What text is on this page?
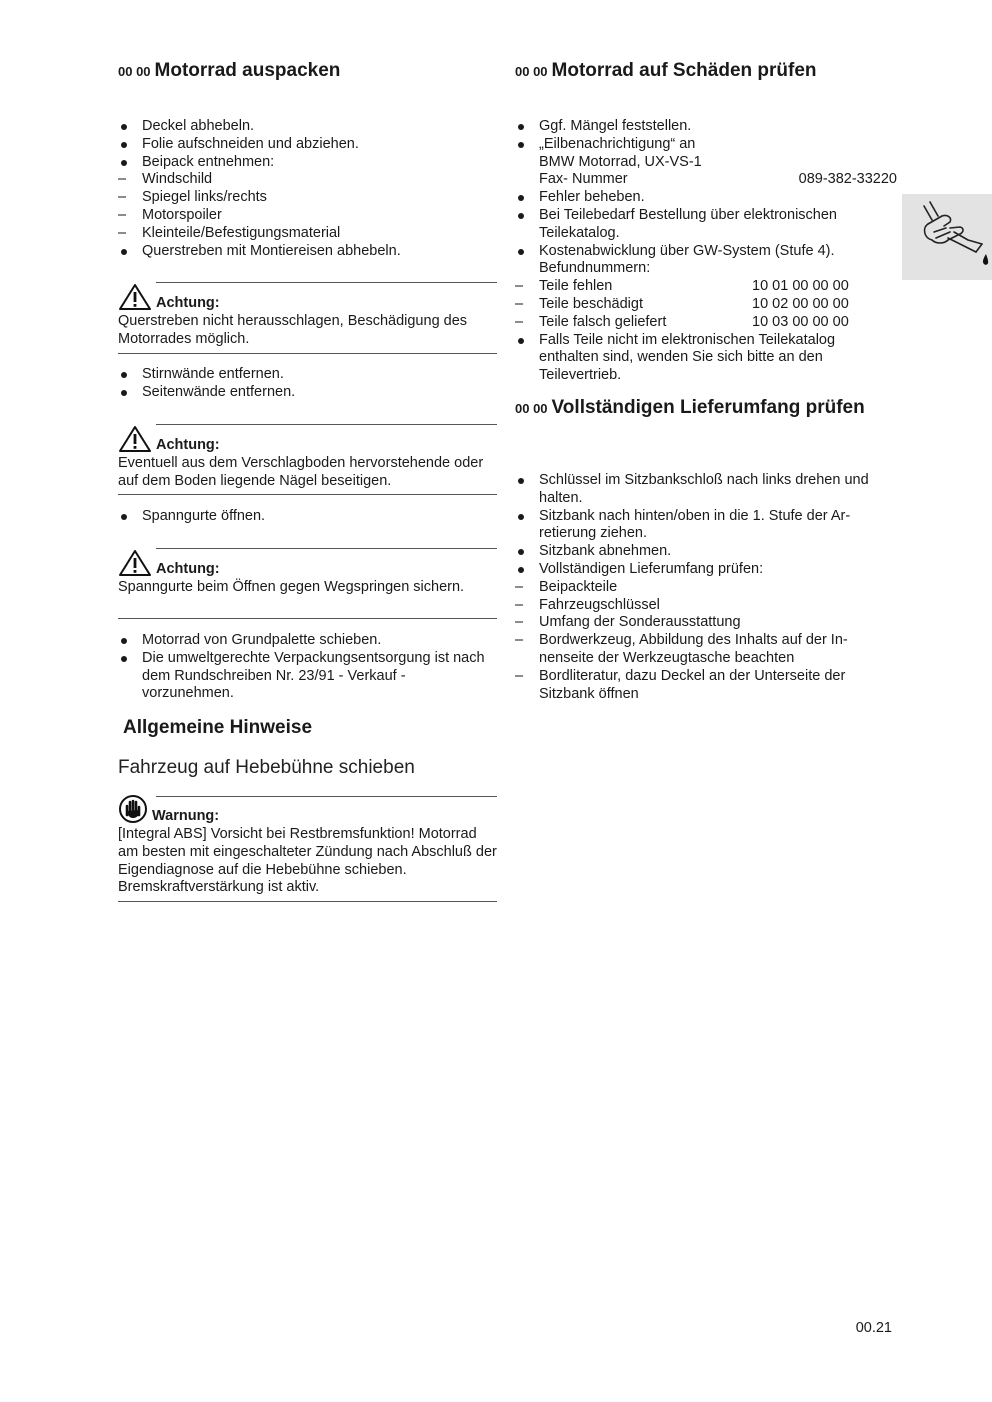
00 00 Motorrad auspacken
Deckel abhebeln.
Folie aufschneiden und abziehen.
Beipack entnehmen:
Windschild
Spiegel links/rechts
Motorspoiler
Kleinteile/Befestigungsmaterial
Querstreben mit Montiereisen abhebeln.
Achtung:
Querstreben nicht herausschlagen, Beschädigung des Motorrades möglich.
Stirnwände entfernen.
Seitenwände entfernen.
Achtung:
Eventuell aus dem Verschlagboden hervorstehende oder auf dem Boden liegende Nägel beseitigen.
Spanngurte öffnen.
Achtung:
Spanngurte beim Öffnen gegen Wegspringen sichern.
Motorrad von Grundpalette schieben.
Die umweltgerechte Verpackungsentsorgung ist nach dem Rundschreiben Nr. 23/91 - Verkauf - vorzunehmen.
Allgemeine Hinweise
Fahrzeug auf Hebebühne schieben
Warnung:
[Integral ABS] Vorsicht bei Restbremsfunktion! Motorrad am besten mit eingeschalteter Zündung nach Abschluß der Eigendiagnose auf die Hebebühne schieben. Bremskraftverstärkung ist aktiv.
00 00 Motorrad auf Schäden prüfen
Ggf. Mängel feststellen.
„Eilbenachrichtigung“ an
BMW Motorrad, UX-VS-1
Fax- Nummer	089-382-33220
Fehler beheben.
Bei Teilebedarf Bestellung über elektronischen Teilekatalog.
Kostenabwicklung über GW-System (Stufe 4). Befundnummern:
Teile fehlen	10 01 00 00 00
Teile beschädigt	10 02 00 00 00
Teile falsch geliefert	10 03 00 00 00
Falls Teile nicht im elektronischen Teilekatalog enthalten sind, wenden Sie sich bitte an den Teilevertrieb.
00 00 Vollständigen Lieferumfang prüfen
Schlüssel im Sitzbankschloß nach links drehen und halten.
Sitzbank nach hinten/oben in die 1. Stufe der Arretierung ziehen.
Sitzbank abnehmen.
Vollständigen Lieferumfang prüfen:
Beipackteile
Fahrzeugschlüssel
Umfang der Sonderausstattung
Bordwerkzeug, Abbildung des Inhalts auf der Innenseite der Werkzeugtasche beachten
Bordliteratur, dazu Deckel an der Unterseite der Sitzbank öffnen
00.21
